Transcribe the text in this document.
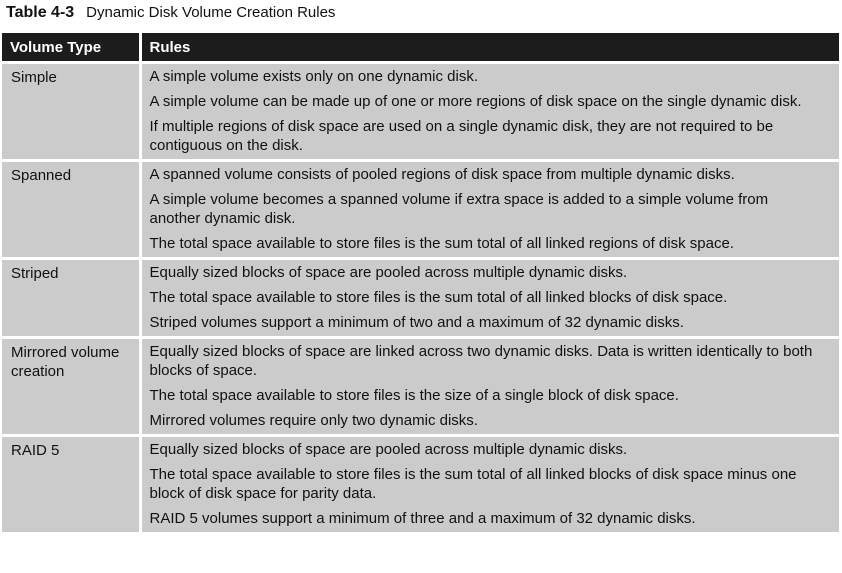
Table 4-3 Dynamic Disk Volume Creation Rules
Volume Type	Rules
Simple	A simple volume exists only on one dynamic disk.
A simple volume can be made up of one or more regions of disk space on the single dynamic disk.
If multiple regions of disk space are used on a single dynamic disk, they are not required to be contiguous on the disk.

Spanned	A spanned volume consists of pooled regions of disk space from multiple dynamic disks.
A simple volume becomes a spanned volume if extra space is added to a simple volume from another dynamic disk.
The total space available to store files is the sum total of all linked regions of disk space.

Striped	Equally sized blocks of space are pooled across multiple dynamic disks.
The total space available to store files is the sum total of all linked blocks of disk space.
Striped volumes support a minimum of two and a maximum of 32 dynamic disks.

Mirrored volume creation	Equally sized blocks of space are linked across two dynamic disks. Data is written identically to both blocks of space.
The total space available to store files is the size of a single block of disk space.
Mirrored volumes require only two dynamic disks.

RAID 5	Equally sized blocks of space are pooled across multiple dynamic disks.
The total space available to store files is the sum total of all linked blocks of disk space minus one block of disk space for parity data.
RAID 5 volumes support a minimum of three and a maximum of 32 dynamic disks.
